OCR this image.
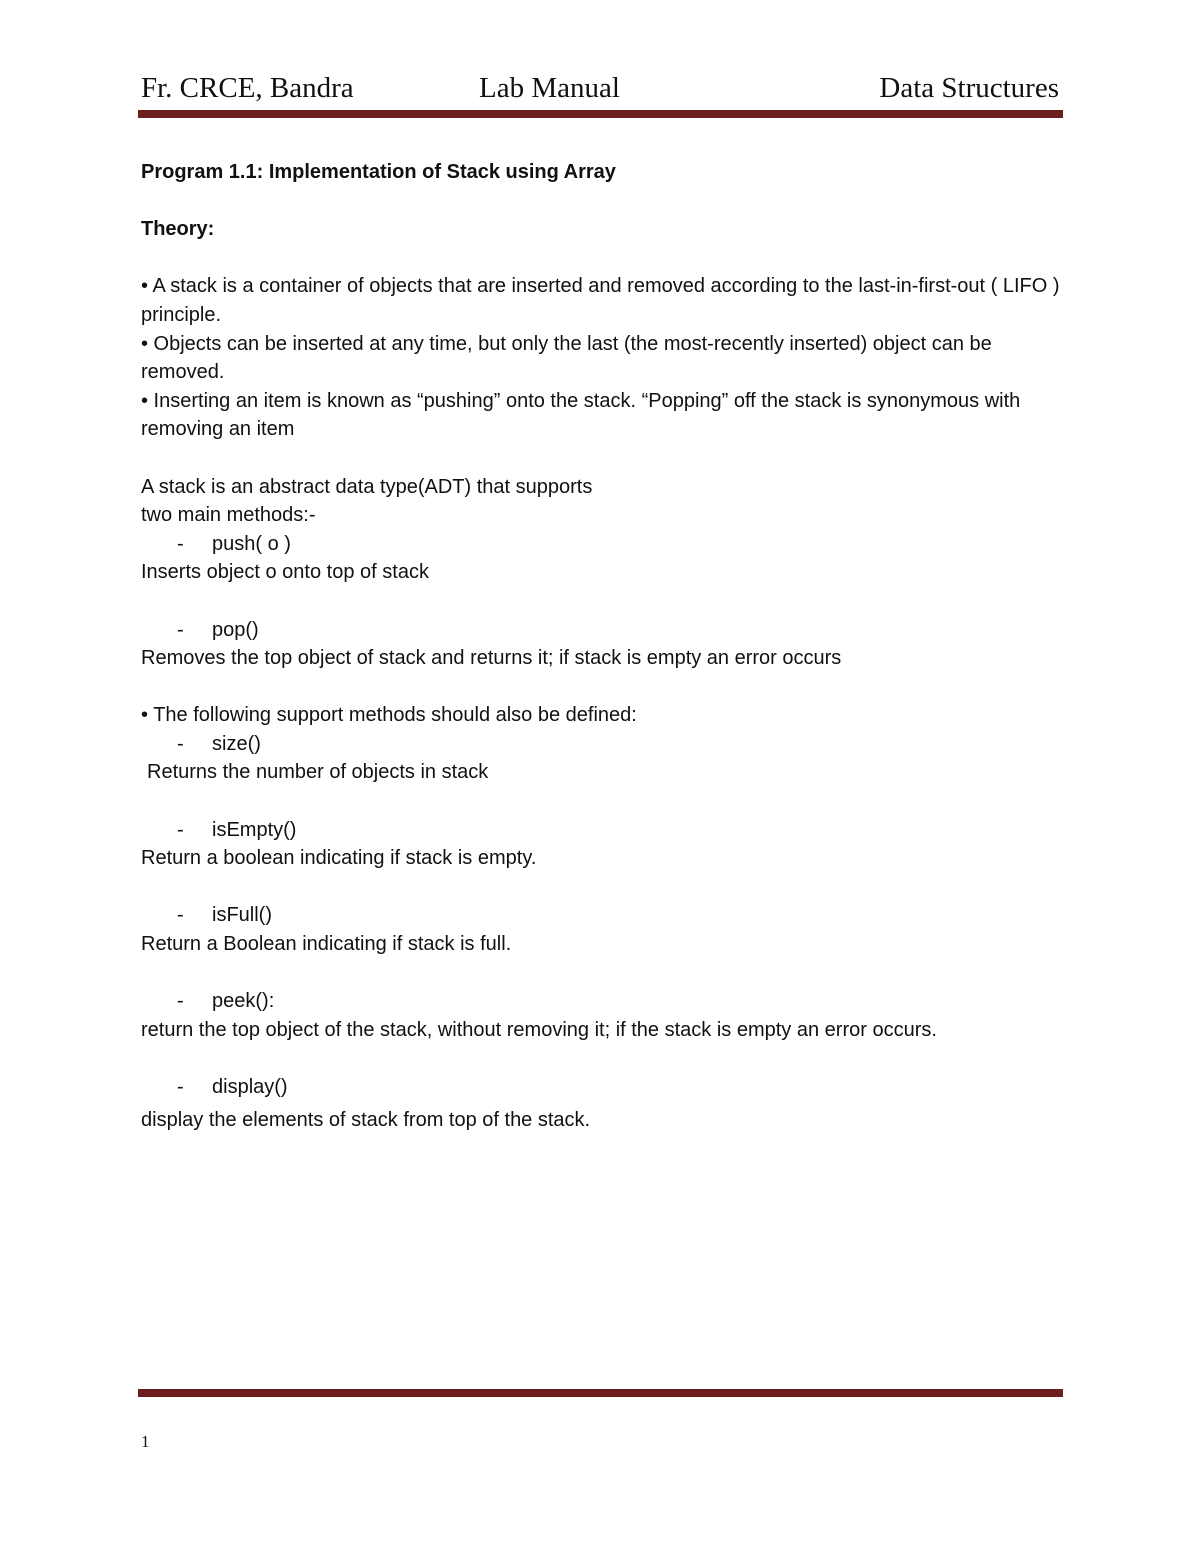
Fr. CRCE, Bandra	Lab Manual	Data Structures

Program 1.1: Implementation of Stack using Array

Theory:

• A stack is a container of objects that are inserted and removed according to the last-in-first-out ( LIFO ) principle.

• Objects can be inserted at any time, but only the last (the most-recently inserted) object can be removed.

• Inserting an item is known as “pushing” onto the stack. “Popping” off the stack is synonymous with removing an item

A stack is an abstract data type(ADT) that supports

two main methods:-

- push( o )

Inserts object o onto top of stack

- pop()

Removes the top object of stack and returns it; if stack is empty an error occurs

• The following support methods should also be defined:

- size()

Returns the number of objects in stack

- isEmpty()

Return a boolean indicating if stack is empty.

- isFull()

Return a Boolean indicating if stack is full.

- peek():

return the top object of the stack, without removing it; if the stack is empty an error occurs.

- display()

display the elements of stack from top of the stack.

1
